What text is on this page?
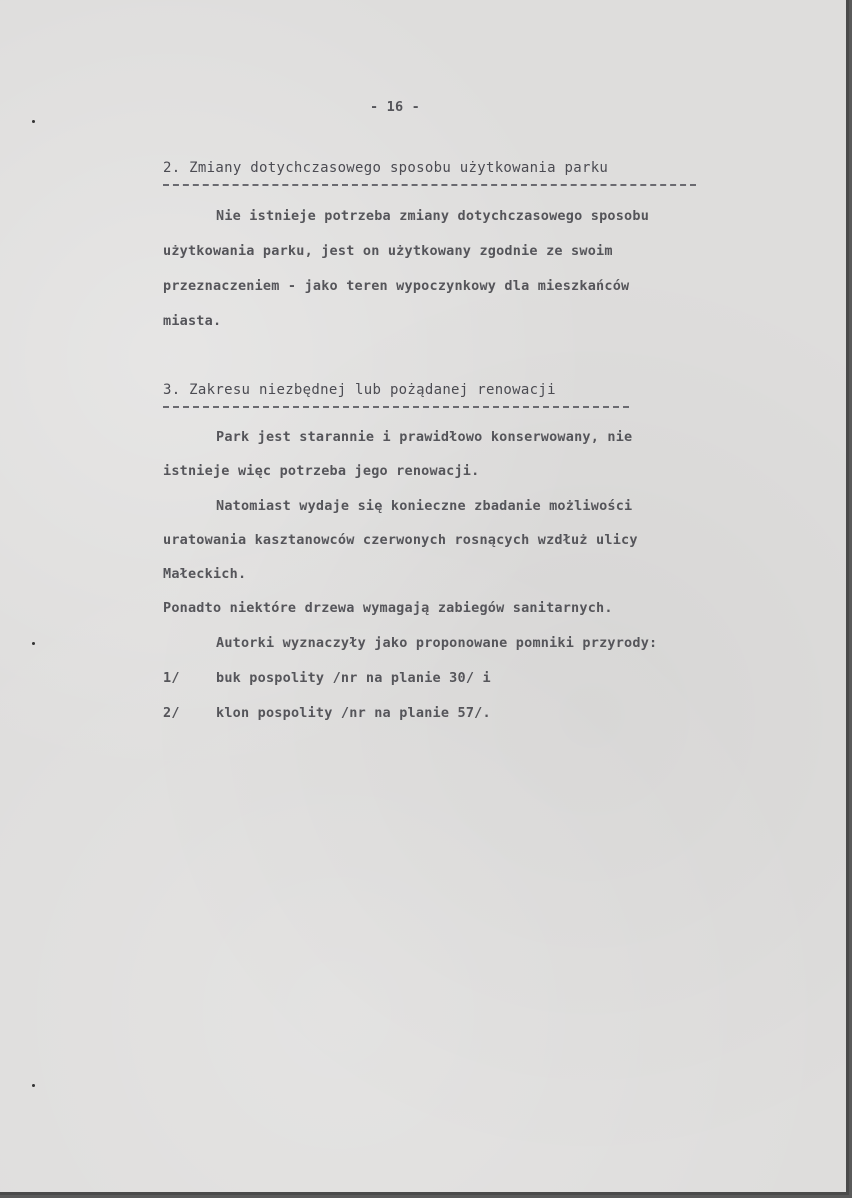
- 16 -
2. Zmiany dotychczasowego sposobu użytkowania parku
Nie istnieje potrzeba zmiany dotychczasowego sposobu
użytkowania parku, jest on użytkowany zgodnie ze swoim
przeznaczeniem - jako teren wypoczynkowy dla mieszkańców
miasta.
3. Zakresu niezbędnej lub pożądanej renowacji
Park jest starannie i prawidłowo konserwowany, nie
istnieje więc potrzeba jego renowacji.
Natomiast wydaje się konieczne zbadanie możliwości
uratowania kasztanowców czerwonych rosnących wzdłuż ulicy
Małeckich.
Ponadto niektóre drzewa wymagają zabiegów sanitarnych.
Autorki wyznaczyły jako proponowane pomniki przyrody:
1/	buk pospolity /nr na planie 30/ i
2/	klon pospolity /nr na planie 57/.
